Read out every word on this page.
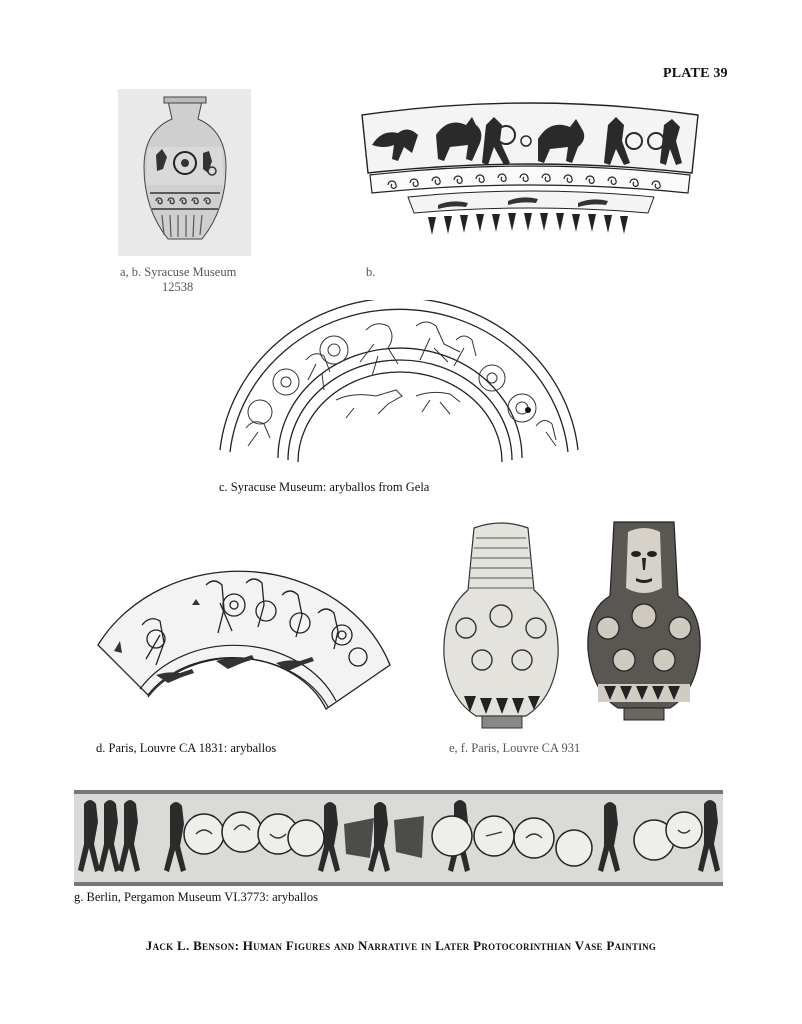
PLATE 39
a, b. Syracuse Museum
12538
b.
c. Syracuse Museum: aryballos from Gela
d. Paris, Louvre CA 1831: aryballos	e, f. Paris, Louvre CA 931
g. Berlin, Pergamon Museum VI.3773: aryballos
Jack L. Benson: Human Figures and Narrative in Later Protocorinthian Vase Painting
